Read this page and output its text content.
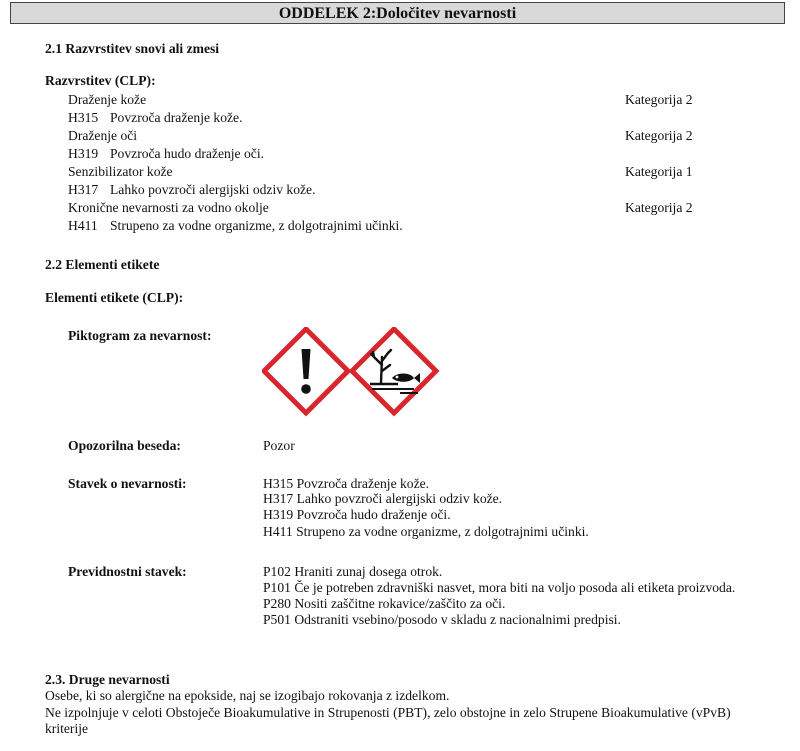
ODDELEK 2:Določitev nevarnosti
2.1 Razvrstitev snovi ali zmesi
Razvrstitev (CLP):
Draženje kože	Kategorija 2
H315 Povzroča draženje kože.
Draženje oči	Kategorija 2
H319 Povzroča hudo draženje oči.
Senzibilizator kože	Kategorija 1
H317 Lahko povzroči alergijski odziv kože.
Kronične nevarnosti za vodno okolje	Kategorija 2
H411 Strupeno za vodne organizme, z dolgotrajnimi učinki.
2.2 Elementi etikete
Elementi etikete (CLP):
Piktogram za nevarnost:
Opozorilna beseda:	Pozor
Stavek o nevarnosti:	H315 Povzroča draženje kože.
H317 Lahko povzroči alergijski odziv kože.
H319 Povzroča hudo draženje oči.
H411 Strupeno za vodne organizme, z dolgotrajnimi učinki.
Previdnostni stavek:	P102 Hraniti zunaj dosega otrok.
P101 Če je potreben zdravniški nasvet, mora biti na voljo posoda ali etiketa proizvoda.
P280 Nositi zaščitne rokavice/zaščito za oči.
P501 Odstraniti vsebino/posodo v skladu z nacionalnimi predpisi.
2.3. Druge nevarnosti
Osebe, ki so alergične na epokside, naj se izogibajo rokovanja z izdelkom.
Ne izpolnjuje v celoti Obstoječe Bioakumulative in Strupenosti (PBT), zelo obstojne in zelo Strupene Bioakumulative (vPvB)
kriterije
